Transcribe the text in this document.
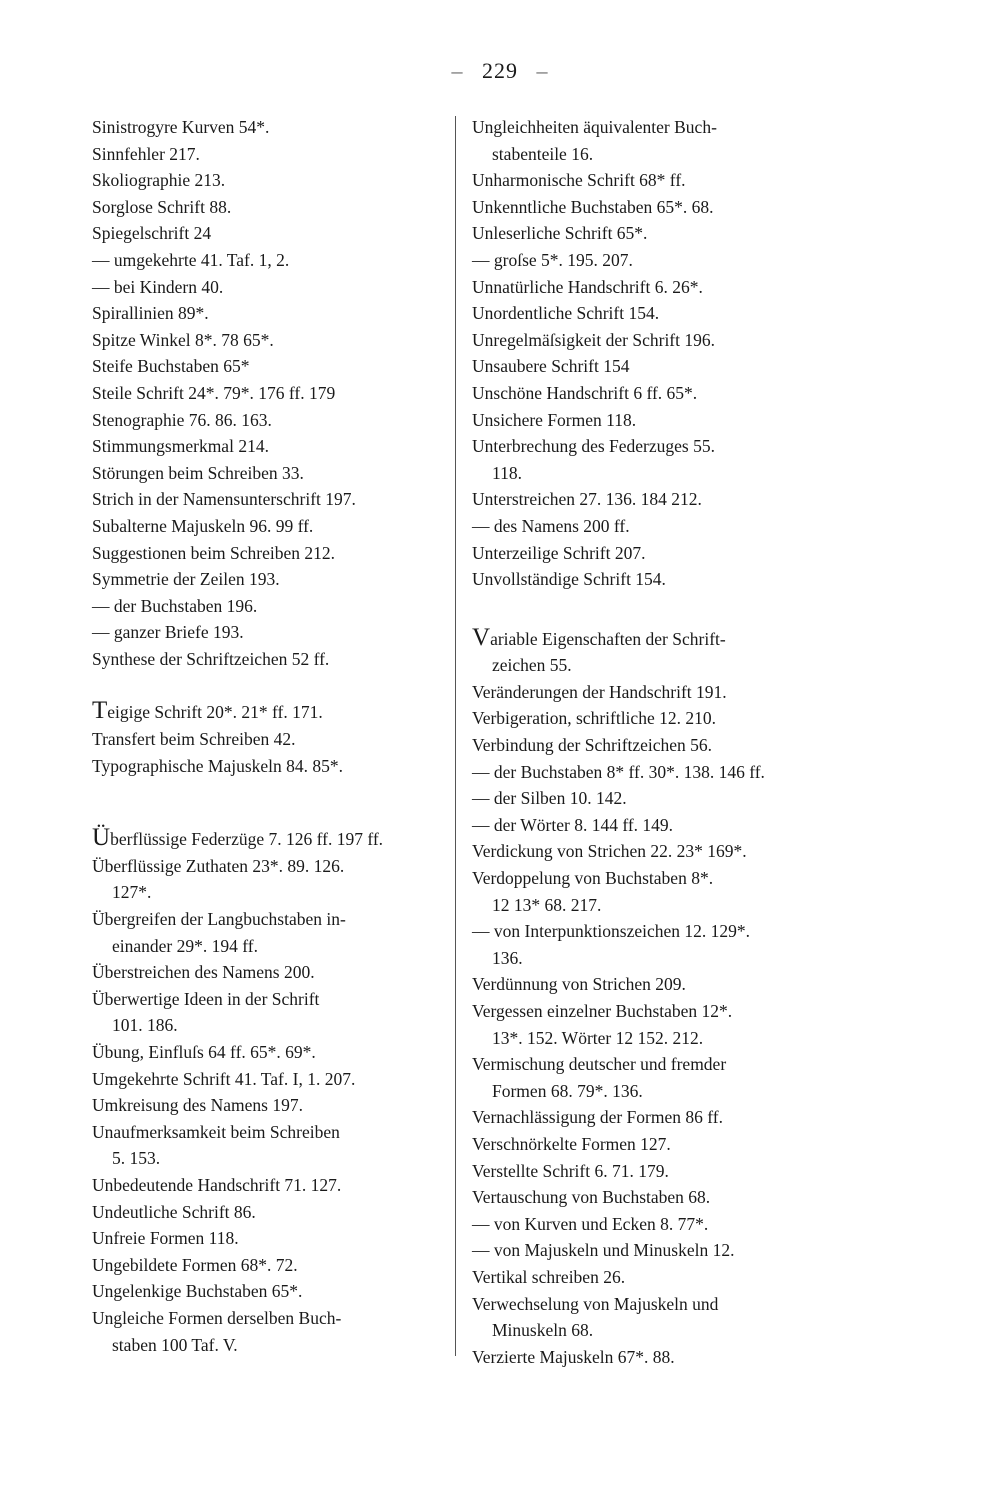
– 229 –
Sinistrogyre Kurven 54*.
Sinnfehler 217.
Skoliographie 213.
Sorglose Schrift 88.
Spiegelschrift 24
— umgekehrte 41. Taf. 1, 2.
— bei Kindern 40.
Spirallinien 89*.
Spitze Winkel 8*. 78 65*.
Steife Buchstaben 65*
Steile Schrift 24*. 79*. 176 ff. 179
Stenographie 76. 86. 163.
Stimmungsmerkmal 214.
Störungen beim Schreiben 33.
Strich in der Namensunterschrift 197.
Subalterne Majuskeln 96. 99 ff.
Suggestionen beim Schreiben 212.
Symmetrie der Zeilen 193.
— der Buchstaben 196.
— ganzer Briefe 193.
Synthese der Schriftzeichen 52 ff.
Teigige Schrift 20*. 21* ff. 171.
Transfert beim Schreiben 42.
Typographische Majuskeln 84. 85*.
Überflüssige Federzüge 7. 126 ff. 197 ff.
Überflüssige Zuthaten 23*. 89. 126.
127*.
Übergreifen der Langbuchstaben in-
einander 29*. 194 ff.
Überstreichen des Namens 200.
Überwertige Ideen in der Schrift
101. 186.
Übung, Einfluſs 64 ff. 65*. 69*.
Umgekehrte Schrift 41. Taf. I, 1. 207.
Umkreisung des Namens 197.
Unaufmerksamkeit beim Schreiben
5. 153.
Unbedeutende Handschrift 71. 127.
Undeutliche Schrift 86.
Unfreie Formen 118.
Ungebildete Formen 68*. 72.
Ungelenkige Buchstaben 65*.
Ungleiche Formen derselben Buch-
staben 100 Taf. V.
Ungleichheiten äquivalenter Buch-
stabenteile 16.
Unharmonische Schrift 68* ff.
Unkenntliche Buchstaben 65*. 68.
Unleserliche Schrift 65*.
— groſse 5*. 195. 207.
Unnatürliche Handschrift 6. 26*.
Unordentliche Schrift 154.
Unregelmäſsigkeit der Schrift 196.
Unsaubere Schrift 154
Unschöne Handschrift 6 ff. 65*.
Unsichere Formen 118.
Unterbrechung des Federzuges 55.
118.
Unterstreichen 27. 136. 184 212.
— des Namens 200 ff.
Unterzeilige Schrift 207.
Unvollständige Schrift 154.
Variable Eigenschaften der Schrift-
zeichen 55.
Veränderungen der Handschrift 191.
Verbigeration, schriftliche 12. 210.
Verbindung der Schriftzeichen 56.
— der Buchstaben 8* ff. 30*. 138. 146 ff.
— der Silben 10. 142.
— der Wörter 8. 144 ff. 149.
Verdickung von Strichen 22. 23* 169*.
Verdoppelung von Buchstaben 8*.
12 13* 68. 217.
— von Interpunktionszeichen 12. 129*.
136.
Verdünnung von Strichen 209.
Vergessen einzelner Buchstaben 12*.
13*. 152. Wörter 12 152. 212.
Vermischung deutscher und fremder
Formen 68. 79*. 136.
Vernachlässigung der Formen 86 ff.
Verschnörkelte Formen 127.
Verstellte Schrift 6. 71. 179.
Vertauschung von Buchstaben 68.
— von Kurven und Ecken 8. 77*.
— von Majuskeln und Minuskeln 12.
Vertikal schreiben 26.
Verwechselung von Majuskeln und
Minuskeln 68.
Verzierte Majuskeln 67*. 88.
